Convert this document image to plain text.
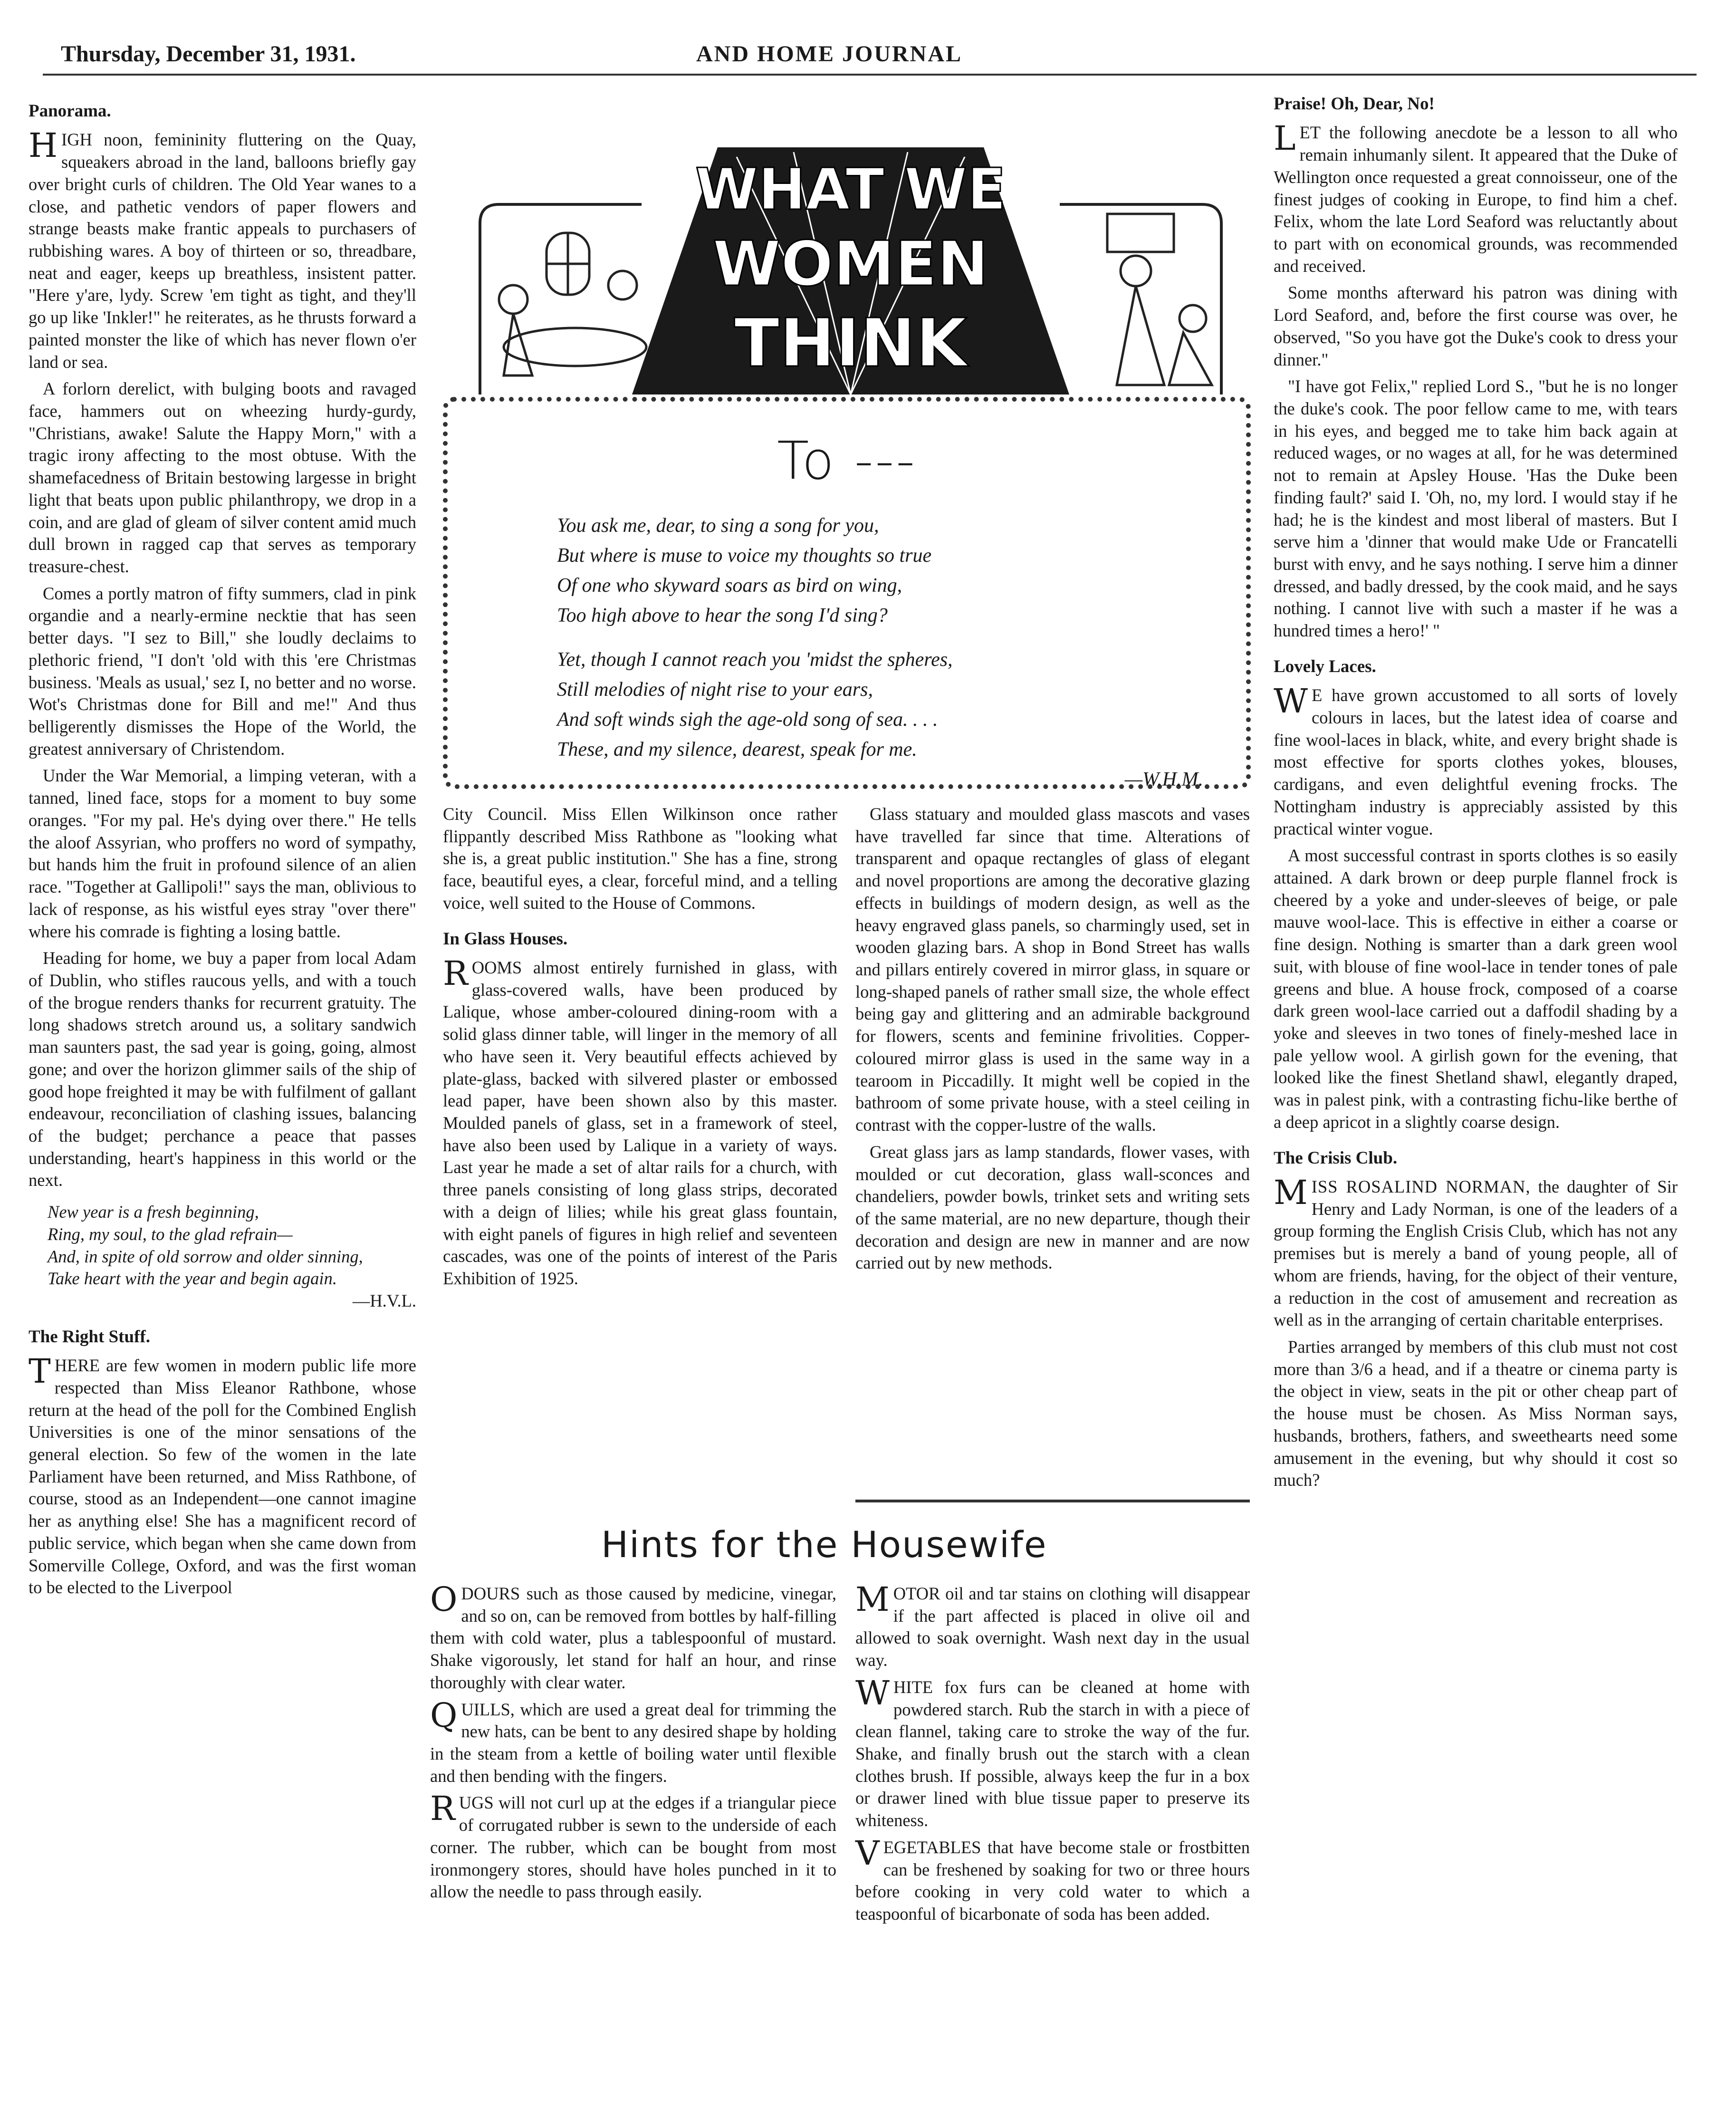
Thursday, December 31, 1931.	AND HOME JOURNAL
WHAT WE
WOMEN
THINK
Panorama.

HIGH noon, femininity fluttering on the Quay, squeakers abroad in the land, balloons briefly gay over bright curls of children. The Old Year wanes to a close, and pathetic vendors of paper flowers and strange beasts make frantic appeals to purchasers of rubbishing wares. A boy of thirteen or so, threadbare, neat and eager, keeps up breathless, insistent patter. "Here y'are, lydy. Screw 'em tight as tight, and they'll go up like 'Inkler!" he reiterates, as he thrusts forward a painted monster the like of which has never flown o'er land or sea.

A forlorn derelict, with bulging boots and ravaged face, hammers out on wheezing hurdy-gurdy, "Christians, awake! Salute the Happy Morn," with a tragic irony affecting to the most obtuse. With the shamefacedness of Britain bestowing largesse in bright light that beats upon public philanthropy, we drop in a coin, and are glad of gleam of silver content amid much dull brown in ragged cap that serves as temporary treasure-chest.

Comes a portly matron of fifty summers, clad in pink organdie and a nearly-ermine necktie that has seen better days. "I sez to Bill," she loudly declaims to plethoric friend, "I don't 'old with this 'ere Christmas business. 'Meals as usual,' sez I, no better and no worse. Wot's Christmas done for Bill and me!" And thus belligerently dismisses the Hope of the World, the greatest anniversary of Christendom.

Under the War Memorial, a limping veteran, with a tanned, lined face, stops for a moment to buy some oranges. "For my pal. He's dying over there." He tells the aloof Assyrian, who proffers no word of sympathy, but hands him the fruit in profound silence of an alien race. "Together at Gallipoli!" says the man, oblivious to lack of response, as his wistful eyes stray "over there" where his comrade is fighting a losing battle.

Heading for home, we buy a paper from local Adam of Dublin, who stifles raucous yells, and with a touch of the brogue renders thanks for recurrent gratuity. The long shadows stretch around us, a solitary sandwich man saunters past, the sad year is going, going, almost gone; and over the horizon glimmer sails of the ship of good hope freighted it may be with fulfilment of gallant endeavour, reconciliation of clashing issues, balancing of the budget; perchance a peace that passes understanding, heart's happiness in this world or the next.

New year is a fresh beginning,
Ring, my soul, to the glad refrain—
And, in spite of old sorrow and older sinning,
Take heart with the year and begin again.

—H.V.L.

The Right Stuff.

THERE are few women in modern public life more respected than Miss Eleanor Rathbone, whose return at the head of the poll for the Combined English Universities is one of the minor sensations of the general election. So few of the women in the late Parliament have been returned, and Miss Rathbone, of course, stood as an Independent—one cannot imagine her as anything else! She has a magnificent record of public service, which began when she came down from Somerville College, Oxford, and was the first woman to be elected to the Liverpool

To ---
You ask me, dear, to sing a song for you,
But where is muse to voice my thoughts so true
Of one who skyward soars as bird on wing,
Too high above to hear the song I'd sing?
Yet, though I cannot reach you 'midst the spheres,
Still melodies of night rise to your ears,
And soft winds sigh the age-old song of sea. . . .
These, and my silence, dearest, speak for me.
—W.H.M.

City Council. Miss Ellen Wilkinson once rather flippantly described Miss Rathbone as "looking what she is, a great public institution." She has a fine, strong face, beautiful eyes, a clear, forceful mind, and a telling voice, well suited to the House of Commons.

In Glass Houses.

ROOMS almost entirely furnished in glass, with glass-covered walls, have been produced by Lalique, whose amber-coloured dining-room with a solid glass dinner table, will linger in the memory of all who have seen it. Very beautiful effects achieved by plate-glass, backed with silvered plaster or embossed lead paper, have been shown also by this master. Moulded panels of glass, set in a framework of steel, have also been used by Lalique in a variety of ways. Last year he made a set of altar rails for a church, with three panels consisting of long glass strips, decorated with a deign of lilies; while his great glass fountain, with eight panels of figures in high relief and seventeen cascades, was one of the points of interest of the Paris Exhibition of 1925.

Glass statuary and moulded glass mascots and vases have travelled far since that time. Alterations of transparent and opaque rectangles of glass of elegant and novel proportions are among the decorative glazing effects in buildings of modern design, as well as the heavy engraved glass panels, so charmingly used, set in wooden glazing bars. A shop in Bond Street has walls and pillars entirely covered in mirror glass, in square or long-shaped panels of rather small size, the whole effect being gay and glittering and an admirable background for flowers, scents and feminine frivolities. Copper-coloured mirror glass is used in the same way in a tearoom in Piccadilly. It might well be copied in the bathroom of some private house, with a steel ceiling in contrast with the copper-lustre of the walls.

Great glass jars as lamp standards, flower vases, with moulded or cut decoration, glass wall-sconces and chandeliers, powder bowls, trinket sets and writing sets of the same material, are no new departure, though their decoration and design are new in manner and are now carried out by new methods.

Hints for the Housewife

ODOURS such as those caused by medicine, vinegar, and so on, can be removed from bottles by half-filling them with cold water, plus a tablespoonful of mustard. Shake vigorously, let stand for half an hour, and rinse thoroughly with clear water.

QUILLS, which are used a great deal for trimming the new hats, can be bent to any desired shape by holding in the steam from a kettle of boiling water until flexible and then bending with the fingers.

RUGS will not curl up at the edges if a triangular piece of corrugated rubber is sewn to the underside of each corner. The rubber, which can be bought from most ironmongery stores, should have holes punched in it to allow the needle to pass through easily.

MOTOR oil and tar stains on clothing will disappear if the part affected is placed in olive oil and allowed to soak overnight. Wash next day in the usual way.

WHITE fox furs can be cleaned at home with powdered starch. Rub the starch in with a piece of clean flannel, taking care to stroke the way of the fur. Shake, and finally brush out the starch with a clean clothes brush. If possible, always keep the fur in a box or drawer lined with blue tissue paper to preserve its whiteness.

VEGETABLES that have become stale or frostbitten can be freshened by soaking for two or three hours before cooking in very cold water to which a teaspoonful of bicarbonate of soda has been added.

Praise! Oh, Dear, No!

LET the following anecdote be a lesson to all who remain inhumanly silent. It appeared that the Duke of Wellington once requested a great connoisseur, one of the finest judges of cooking in Europe, to find him a chef. Felix, whom the late Lord Seaford was reluctantly about to part with on economical grounds, was recommended and received.

Some months afterward his patron was dining with Lord Seaford, and, before the first course was over, he observed, "So you have got the Duke's cook to dress your dinner."

"I have got Felix," replied Lord S., "but he is no longer the duke's cook. The poor fellow came to me, with tears in his eyes, and begged me to take him back again at reduced wages, or no wages at all, for he was determined not to remain at Apsley House. 'Has the Duke been finding fault?' said I. 'Oh, no, my lord. I would stay if he had; he is the kindest and most liberal of masters. But I serve him a 'dinner that would make Ude or Francatelli burst with envy, and he says nothing. I serve him a dinner dressed, and badly dressed, by the cook maid, and he says nothing. I cannot live with such a master if he was a hundred times a hero!' "

Lovely Laces.

W E have grown accustomed to all sorts of lovely colours in laces, but the latest idea of coarse and fine wool-laces in black, white, and every bright shade is most effective for sports clothes yokes, blouses, cardigans, and even delightful evening frocks. The Nottingham industry is appreciably assisted by this practical winter vogue.

A most successful contrast in sports clothes is so easily attained. A dark brown or deep purple flannel frock is cheered by a yoke and under-sleeves of beige, or pale mauve wool-lace. This is effective in either a coarse or fine design. Nothing is smarter than a dark green wool suit, with blouse of fine wool-lace in tender tones of pale greens and blue. A house frock, composed of a coarse dark green wool-lace carried out a daffodil shading by a yoke and sleeves in two tones of finely-meshed lace in pale yellow wool. A girlish gown for the evening, that looked like the finest Shetland shawl, elegantly draped, was in palest pink, with a contrasting fichu-like berthe of a deep apricot in a slightly coarse design.

The Crisis Club.

MISS ROSALIND NORMAN, the daughter of Sir Henry and Lady Norman, is one of the leaders of a group forming the English Crisis Club, which has not any premises but is merely a band of young people, all of whom are friends, having, for the object of their venture, a reduction in the cost of amusement and recreation as well as in the arranging of certain charitable enterprises.

Parties arranged by members of this club must not cost more than 3/6 a head, and if a theatre or cinema party is the object in view, seats in the pit or other cheap part of the house must be chosen. As Miss Norman says, husbands, brothers, fathers, and sweethearts need some amusement in the evening, but why should it cost so much?
